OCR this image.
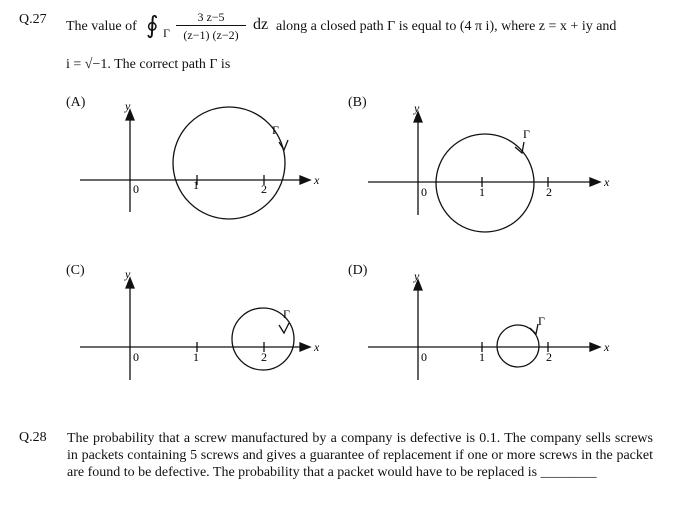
Q.27 The value of ∮ Γ
3 z−5
(z−1) (z−2)
dz along a closed path Γ is equal to (4 π i), where z = x + iy and
i = √−1. The correct path Γ is
(A)	(B)
(C)	(D)
y
x
0	1	2
Γ
y
x
0	1	2
Γ
y
x
0	1	2
Γ
y
x
0	1	2
Γ
Q.28 The probability that a screw manufactured by a company is defective is 0.1. The company sells screws in packets containing 5 screws and gives a guarantee of replacement if one or more screws in the packet are found to be defective. The probability that a packet would have to be replaced is ________
